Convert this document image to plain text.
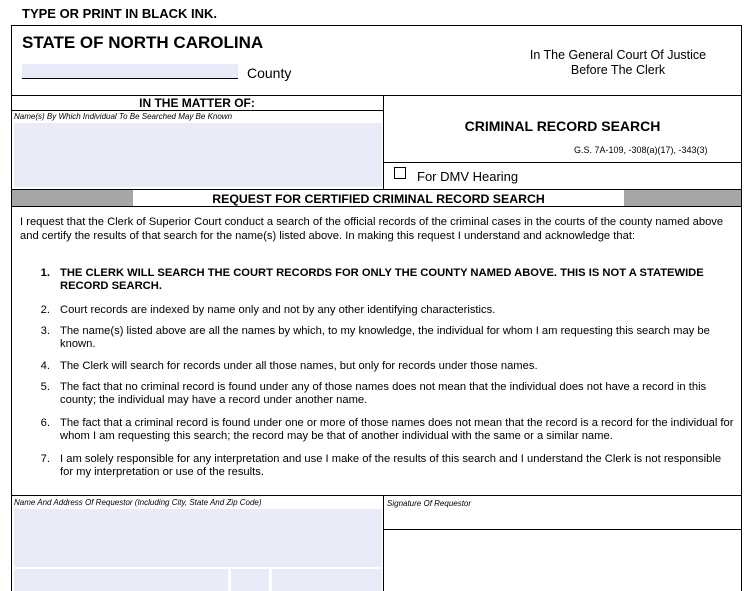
TYPE OR PRINT IN BLACK INK.
STATE OF NORTH CAROLINA
County
In The General Court Of Justice
Before The Clerk
IN THE MATTER OF:
Name(s) By Which Individual To Be Searched May Be Known
CRIMINAL RECORD SEARCH
G.S. 7A-109, -308(a)(17), -343(3)
For DMV Hearing
REQUEST FOR CERTIFIED CRIMINAL RECORD SEARCH
I request that the Clerk of Superior Court conduct a search of the official records of the criminal cases in the courts of the county named above and certify the results of that search for the name(s) listed above. In making this request I understand and acknowledge that:
1. THE CLERK WILL SEARCH THE COURT RECORDS FOR ONLY THE COUNTY NAMED ABOVE. THIS IS NOT A STATEWIDE RECORD SEARCH.
2. Court records are indexed by name only and not by any other identifying characteristics.
3. The name(s) listed above are all the names by which, to my knowledge, the individual for whom I am requesting this search may be known.
4. The Clerk will search for records under all those names, but only for records under those names.
5. The fact that no criminal record is found under any of those names does not mean that the individual does not have a record in this county; the individual may have a record under another name.
6. The fact that a criminal record is found under one or more of those names does not mean that the record is a record for the individual for whom I am requesting this search; the record may be that of another individual with the same or a similar name.
7. I am solely responsible for any interpretation and use I make of the results of this search and I understand the Clerk is not responsible for my interpretation or use of the results.
Name And Address Of Requestor (Including City, State And Zip Code)	Signature Of Requestor
